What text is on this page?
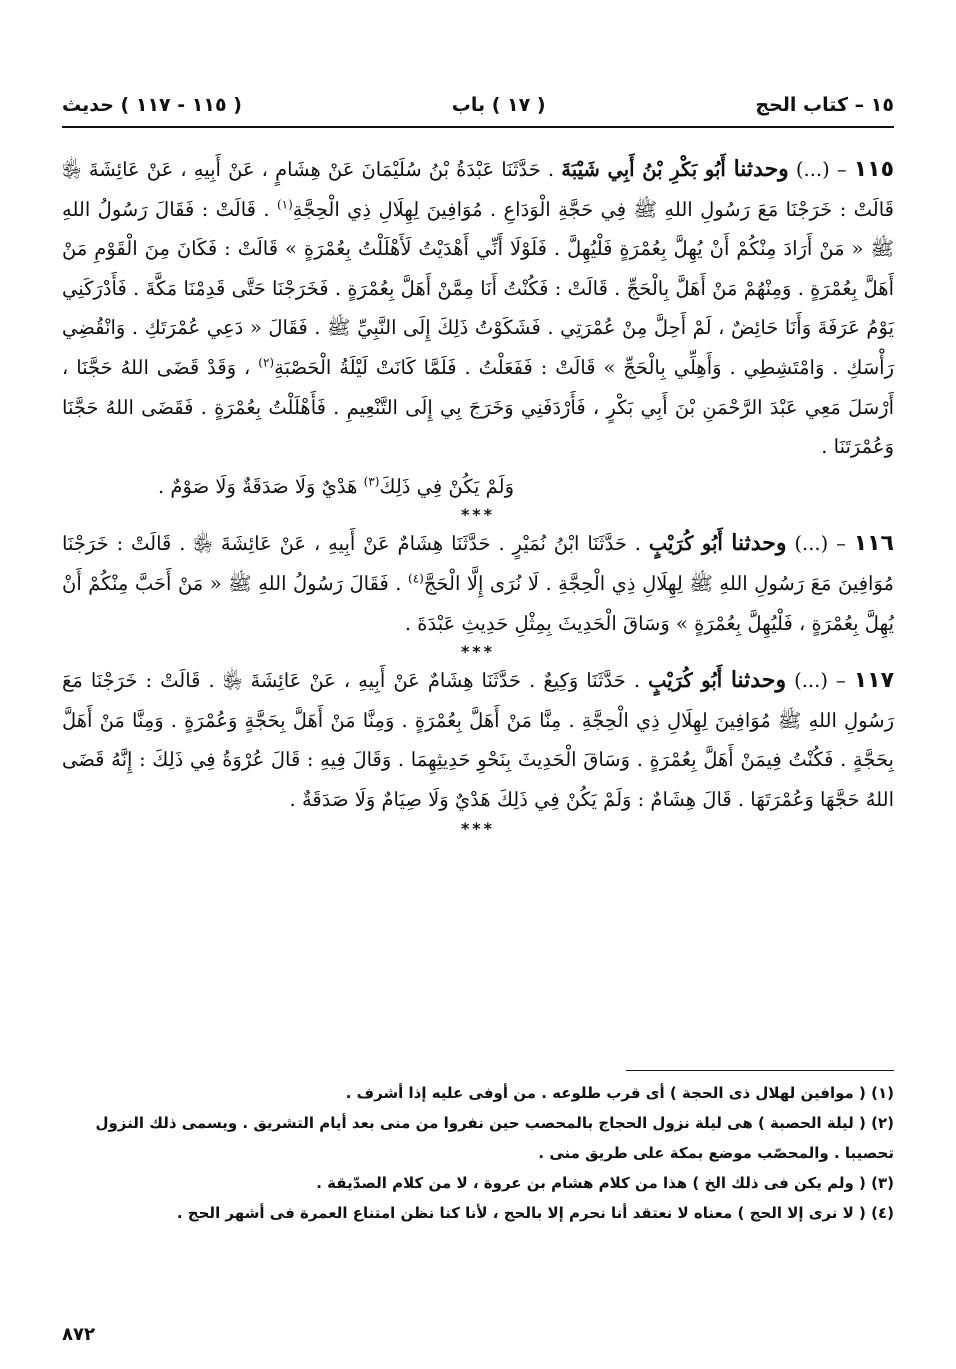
١٥ – كتاب الحج
( ١٧ ) باب
( ١١٥ - ١١٧ ) حديث

١١٥ – (...) وحدثنا أَبُو بَكْرِ بْنُ أَبِي شَيْبَةَ . حَدَّثَنَا عَبْدَةُ بْنُ سُلَيْمَانَ عَنْ هِشَامٍ ، عَنْ أَبِيهِ ، عَنْ عَائِشَةَ ﵂ قَالَتْ : خَرَجْنَا مَعَ رَسُولِ اللهِ ﷺ فِي حَجَّةِ الْوَدَاعِ . مُوَافِينَ لِهِلَالِ ذِي الْحِجَّةِ$^{(١)}$ . قَالَتْ : فَقَالَ رَسُولُ اللهِ ﷺ « مَنْ أَرَادَ مِنْكُمْ أَنْ يُهِلَّ بِعُمْرَةٍ فَلْيُهِلَّ . فَلَوْلَا أَنِّي أَهْدَيْتُ لَأَهْلَلْتُ بِعُمْرَةٍ » قَالَتْ : فَكَانَ مِنَ الْقَوْمِ مَنْ أَهَلَّ بِعُمْرَةٍ . وَمِنْهُمْ مَنْ أَهَلَّ بِالْحَجِّ . قَالَتْ : فَكُنْتُ أَنَا مِمَّنْ أَهَلَّ بِعُمْرَةٍ . فَخَرَجْنَا حَتَّى قَدِمْنَا مَكَّةَ . فَأَدْرَكَنِي يَوْمُ عَرَفَةَ وَأَنَا حَائِضٌ ، لَمْ أَحِلَّ مِنْ عُمْرَتِي . فَشَكَوْتُ ذَلِكَ إِلَى النَّبِيِّ ﷺ . فَقَالَ « دَعِي عُمْرَتَكِ . وَانْقُضِي رَأْسَكِ . وَامْتَشِطِي . وَأَهِلِّي بِالْحَجِّ » قَالَتْ : فَفَعَلْتُ . فَلَمَّا كَانَتْ لَيْلَةُ الْحَصْبَةِ$^{(٢)}$ ، وَقَدْ قَضَى اللهُ حَجَّنَا ، أَرْسَلَ مَعِي عَبْدَ الرَّحْمَنِ بْنَ أَبِي بَكْرٍ ، فَأَرْدَفَنِي وَخَرَجَ بِي إِلَى التَّنْعِيمِ . فَأَهْلَلْتُ بِعُمْرَةٍ . فَقَضَى اللهُ حَجَّنَا وَعُمْرَتَنَا .

وَلَمْ يَكُنْ فِي ذَلِكَ$^{(٣)}$ هَدْيٌ وَلَا صَدَقَةٌ وَلَا صَوْمٌ .

***

١١٦ – (...) وحدثنا أَبُو كُرَيْبٍ . حَدَّثَنَا ابْنُ نُمَيْرٍ . حَدَّثَنَا هِشَامٌ عَنْ أَبِيهِ ، عَنْ عَائِشَةَ ﵂ . قَالَتْ : خَرَجْنَا مُوَافِينَ مَعَ رَسُولِ اللهِ ﷺ لِهِلَالِ ذِي الْحِجَّةِ . لَا نُرَى إِلَّا الْحَجَّ$^{(٤)}$ . فَقَالَ رَسُولُ اللهِ ﷺ « مَنْ أَحَبَّ مِنْكُمْ أَنْ يُهِلَّ بِعُمْرَةٍ ، فَلْيُهِلَّ بِعُمْرَةٍ » وَسَاقَ الْحَدِيثَ بِمِثْلِ حَدِيثِ عَبْدَةَ .

***

١١٧ – (...) وحدثنا أَبُو كُرَيْبٍ . حَدَّثَنَا وَكِيعٌ . حَدَّثَنَا هِشَامٌ عَنْ أَبِيهِ ، عَنْ عَائِشَةَ ﵂ . قَالَتْ : خَرَجْنَا مَعَ رَسُولِ اللهِ ﷺ مُوَافِينَ لِهِلَالِ ذِي الْحِجَّةِ . مِنَّا مَنْ أَهَلَّ بِعُمْرَةٍ . وَمِنَّا مَنْ أَهَلَّ بِحَجَّةٍ وَعُمْرَةٍ . وَمِنَّا مَنْ أَهَلَّ بِحَجَّةٍ . فَكُنْتُ فِيمَنْ أَهَلَّ بِعُمْرَةٍ . وَسَاقَ الْحَدِيثَ بِنَحْوِ حَدِيثِهِمَا . وَقَالَ فِيهِ : قَالَ عُرْوَةُ فِي ذَلِكَ : إِنَّهُ قَضَى اللهُ حَجَّهَا وَعُمْرَتَهَا . قَالَ هِشَامٌ : وَلَمْ يَكُنْ فِي ذَلِكَ هَدْيٌ وَلَا صِيَامٌ وَلَا صَدَقَةٌ .

***

(١) ( موافين لهلال ذى الحجة ) أى قرب طلوعه . من أوفى عليه إذا أشرف .

(٢) ( ليلة الحصبة ) هى ليلة نزول الحجاج بالمحصب حين نفروا من منى بعد أيام التشريق . ويسمى ذلك النزول تحصيبا . والمحصّب موضع بمكة على طريق منى .

(٣) ( ولم يكن فى ذلك الخ ) هذا من كلام هشام بن عروة ، لا من كلام الصدّيقة .

(٤) ( لا نرى إلا الحج ) معناه لا نعتقد أنا نحرم إلا بالحج ، لأنا كنا نظن امتناع العمرة فى أشهر الحج .

٨٧٢
